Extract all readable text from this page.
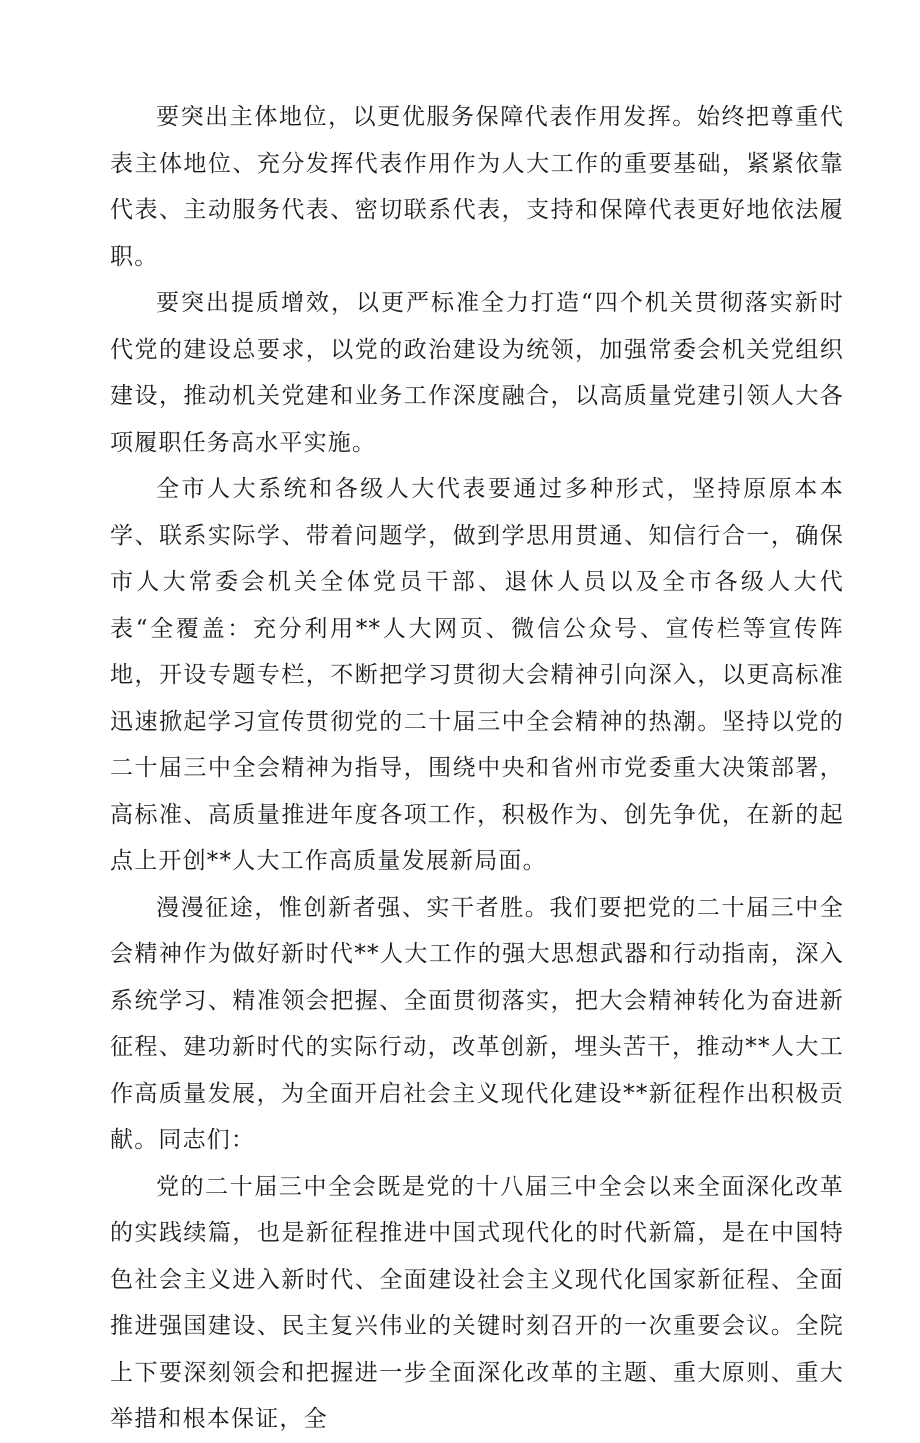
要突出主体地位，以更优服务保障代表作用发挥。始终把尊重代表主体地位、充分发挥代表作用作为人大工作的重要基础，紧紧依靠代表、主动服务代表、密切联系代表，支持和保障代表更好地依法履职。

要突出提质增效，以更严标准全力打造“四个机关贯彻落实新时代党的建设总要求，以党的政治建设为统领，加强常委会机关党组织建设，推动机关党建和业务工作深度融合，以高质量党建引领人大各项履职任务高水平实施。

全市人大系统和各级人大代表要通过多种形式，坚持原原本本学、联系实际学、带着问题学，做到学思用贯通、知信行合一，确保市人大常委会机关全体党员干部、退休人员以及全市各级人大代表“全覆盖：充分利用**人大网页、微信公众号、宣传栏等宣传阵地，开设专题专栏，不断把学习贯彻大会精神引向深入，以更高标准迅速掀起学习宣传贯彻党的二十届三中全会精神的热潮。坚持以党的二十届三中全会精神为指导，围绕中央和省州市党委重大决策部署，高标准、高质量推进年度各项工作，积极作为、创先争优，在新的起点上开创**人大工作高质量发展新局面。

漫漫征途，惟创新者强、实干者胜。我们要把党的二十届三中全会精神作为做好新时代**人大工作的强大思想武器和行动指南，深入系统学习、精准领会把握、全面贯彻落实，把大会精神转化为奋进新征程、建功新时代的实际行动，改革创新，埋头苦干，推动**人大工作高质量发展，为全面开启社会主义现代化建设**新征程作出积极贡献。同志们：

党的二十届三中全会既是党的十八届三中全会以来全面深化改革的实践续篇，也是新征程推进中国式现代化的时代新篇，是在中国特色社会主义进入新时代、全面建设社会主义现代化国家新征程、全面推进强国建设、民主复兴伟业的关键时刻召开的一次重要会议。全院上下要深刻领会和把握进一步全面深化改革的主题、重大原则、重大举措和根本保证，全
